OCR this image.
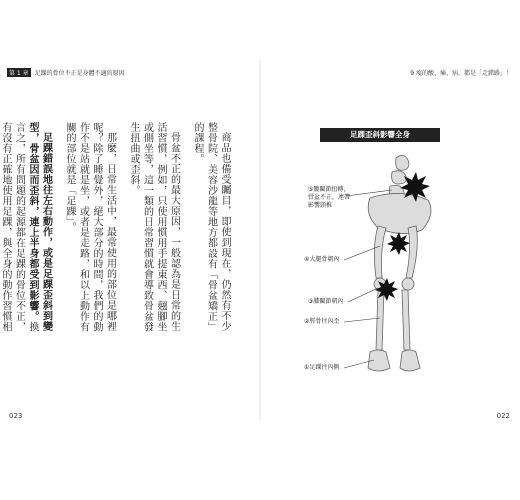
第 1 章 足踝的骨位不正是身體不適的原因	9 痠的酸、痛、病，都是「走錯路」！

商品也備受矚目，即使到現在，仍然有不少整骨院、美容沙龍等地方都設有「骨盆矯正」的課程。

骨盆不正的最大原因，一般認為是日常的生活習慣，例如，只使用慣用手提東西、翹腳坐或側坐等，這一類的日常習慣就會導致骨盆發生扭曲或歪斜。

那麼，日常生活中，最常使用的部位是哪裡呢？除了睡覺外，絕大部分的時間，我們的動作不是站就是坐，或者是走路，和以上動作有關的部位就是「足踝」。

足踝錯誤地往左右動作，或是足踝歪斜到變型，骨盆因而歪斜，連上半身都受到影響。換言之，所有問題的起源都在足踝的骨位不正，有沒有正確地使用足踝，與全身的動作習慣相

足踝歪斜影響全身
⑤髖關節扭轉，
骨盆不正，連帶
影響頸椎
④大腿骨朝內
③膝關節朝內
②脛骨往內歪
①足踝往內側
023	022
